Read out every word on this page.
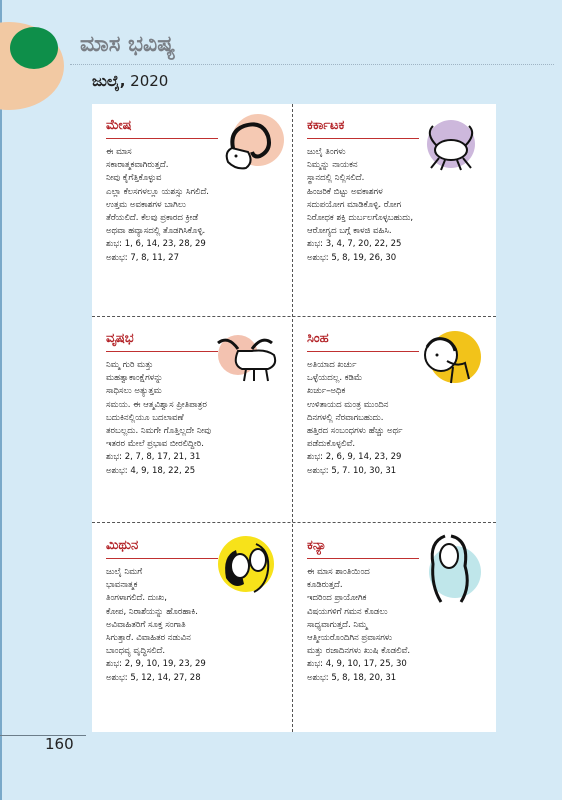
ಮಾಸ ಭವಿಷ್ಯ
ಜುಲೈ, 2020
ಮೇಷ

ಈ ಮಾಸ

ಸಕಾರಾತ್ಮಕವಾಗಿರುತ್ತದೆ.

ನೀವು ಕೈಗೆತ್ತಿಕೊಳ್ಳುವ

ಎಲ್ಲಾ ಕೆಲಸಗಳಲ್ಲೂ ಯಶಸ್ಸು ಸಿಗಲಿದೆ.

ಉತ್ತಮ ಅವಕಾಶಗಳ ಬಾಗಿಲು

ತೆರೆಯಲಿದೆ. ಕೆಲವು ಪ್ರಕಾರದ ಕ್ರೀಡೆ

ಅಥವಾ ಹವ್ಯಾಸದಲ್ಲಿ ತೊಡಗಿಸಿಕೊಳ್ಳಿ.

ಶುಭ: 1, 6, 14, 23, 28, 29

ಅಶುಭ: 7, 8, 11, 27

ಕರ್ಕಾಟಕ

ಜುಲೈ ತಿಂಗಳು

ನಿಮ್ಮನ್ನು ನಾಯಕನ

ಸ್ಥಾನದಲ್ಲಿ ನಿಲ್ಲಿಸಲಿದೆ.

ಹಿಂಜರಿಕೆ ಬಿಟ್ಟು ಅವಕಾಶಗಳ

ಸದುಪಯೋಗ ಮಾಡಿಕೊಳ್ಳಿ. ರೋಗ

ನಿರೋಧಕ ಶಕ್ತಿ ದುರ್ಬಲಗೊಳ್ಳಬಹುದು,

ಆರೋಗ್ಯದ ಬಗ್ಗೆ ಕಾಳಜಿ ವಹಿಸಿ.

ಶುಭ: 3, 4, 7, 20, 22, 25

ಅಶುಭ: 5, 8, 19, 26, 30

ವೃಷಭ

ನಿಮ್ಮ ಗುರಿ ಮತ್ತು

ಮಹತ್ವಾಕಾಂಕ್ಷೆಗಳನ್ನು

ಸಾಧಿಸಲು ಅತ್ಯುತ್ತಮ

ಸಮಯ. ಈ ಆತ್ಮವಿಶ್ವಾಸ ಪ್ರೀತಿಪಾತ್ರರ

ಬದುಕಿನಲ್ಲಿಯೂ ಬದಲಾವಣೆ

ತರಬಲ್ಲದು. ನಿಮಗೇ ಗೊತ್ತಿಲ್ಲದೇ ನೀವು

ಇತರರ ಮೇಲೆ ಪ್ರಭಾವ ಬೀರಲಿದ್ದೀರಿ.

ಶುಭ: 2, 7, 8, 17, 21, 31

ಅಶುಭ: 4, 9, 18, 22, 25

ಸಿಂಹ

ಅತಿಯಾದ ಖರ್ಚು

ಒಳ್ಳೆಯದಲ್ಲ. ಕಡಿಮೆ

ಖರ್ಚು–ಅಧಿಕ

ಉಳಿತಾಯದ ಮಂತ್ರ ಮುಂದಿನ

ದಿನಗಳಲ್ಲಿ ನೆರವಾಗಬಹುದು.

ಹತ್ತಿರದ ಸಂಬಂಧಗಳು ಹೆಚ್ಚು ಅರ್ಥ

ಪಡೆದುಕೊಳ್ಳಲಿವೆ.

ಶುಭ: 2, 6, 9, 14, 23, 29

ಅಶುಭ: 5, 7. 10, 30, 31

ಮಿಥುನ

ಜುಲೈ ನಿಮಗೆ

ಭಾವನಾತ್ಮಕ

ತಿಂಗಳಾಗಲಿದೆ. ದುಃಖ,

ಕೋಪ, ನಿರಾಶೆಯನ್ನು ಹೊರಹಾಕಿ.

ಅವಿವಾಹಿತರಿಗೆ ಸೂಕ್ತ ಸಂಗಾತಿ

ಸಿಗುತ್ತಾರೆ. ವಿವಾಹಿತರ ನಡುವಿನ

ಬಾಂಧವ್ಯ ವೃದ್ಧಿಸಲಿದೆ.

ಶುಭ: 2, 9, 10, 19, 23, 29

ಅಶುಭ: 5, 12, 14, 27, 28

ಕನ್ಯಾ

ಈ ಮಾಸ ಶಾಂತಿಯಿಂದ

ಕೂಡಿರುತ್ತದೆ.

ಇದರಿಂದ ಪ್ರಾಯೋಗಿಕ

ವಿಷಯಗಳಿಗೆ ಗಮನ ಕೊಡಲು

ಸಾಧ್ಯವಾಗುತ್ತದೆ. ನಿಮ್ಮ

ಆತ್ಮೀಯರೊಂದಿಗಿನ ಪ್ರವಾಸಗಳು

ಮತ್ತು ರಜಾದಿನಗಳು ಖುಷಿ ಕೊಡಲಿವೆ.

ಶುಭ: 4, 9, 10, 17, 25, 30

ಅಶುಭ: 5, 8, 18, 20, 31

160
